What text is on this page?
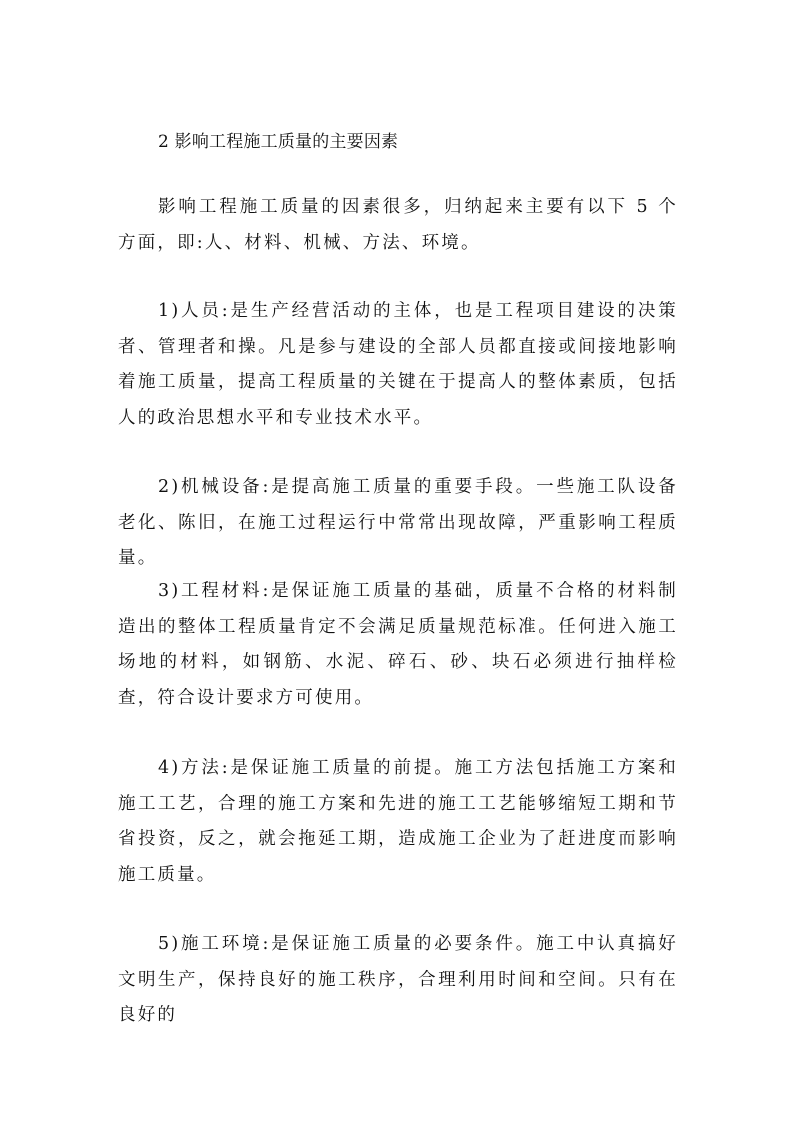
2 影响工程施工质量的主要因素

影响工程施工质量的因素很多，归纳起来主要有以下 5 个方面，即:人、材料、机械、方法、环境。

1)人员:是生产经营活动的主体，也是工程项目建设的决策者、管理者和操。凡是参与建设的全部人员都直接或间接地影响着施工质量，提高工程质量的关键在于提高人的整体素质，包括人的政治思想水平和专业技术水平。

2)机械设备:是提高施工质量的重要手段。一些施工队设备老化、陈旧，在施工过程运行中常常出现故障，严重影响工程质量。

3)工程材料:是保证施工质量的基础，质量不合格的材料制造出的整体工程质量肯定不会满足质量规范标准。任何进入施工场地的材料，如钢筋、水泥、碎石、砂、块石必须进行抽样检查，符合设计要求方可使用。

4)方法:是保证施工质量的前提。施工方法包括施工方案和施工工艺，合理的施工方案和先进的施工工艺能够缩短工期和节省投资，反之，就会拖延工期，造成施工企业为了赶进度而影响施工质量。

5)施工环境:是保证施工质量的必要条件。施工中认真搞好文明生产，保持良好的施工秩序，合理利用时间和空间。只有在良好的
